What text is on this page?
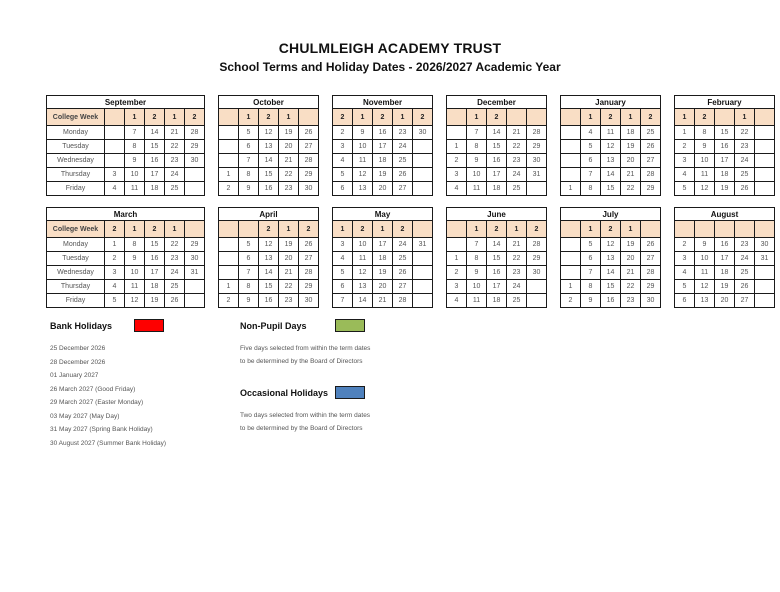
CHULMLEIGH ACADEMY TRUST
School Terms and Holiday Dates - 2026/2027 Academic Year
September					
College Week		1	2	1	2
Monday		7	14	21	28
Tuesday		8	15	22	29
Wednesday		9	16	23	30
Thursday	3	10	17	24	
Friday	4	11	18	25	
October				
	1	2	1	
	5	12	19	26
	6	13	20	27
	7	14	21	28
1	8	15	22	29
2	9	16	23	30
November				
2	1	2	1	2
2	9	16	23	30
3	10	17	24	
4	11	18	25	
5	12	19	26	
6	13	20	27	
December				
	1	2		
	7	14	21	28
1	8	15	22	29
2	9	16	23	30
3	10	17	24	31
4	11	18	25	
January				
	1	2	1	2
	4	11	18	25
	5	12	19	26
	6	13	20	27
	7	14	21	28
1	8	15	22	29
February				
1	2		1	
1	8	15	22	
2	9	16	23	
3	10	17	24	
4	11	18	25	
5	12	19	26	
March					
College Week	2	1	2	1	
Monday	1	8	15	22	29
Tuesday	2	9	16	23	30
Wednesday	3	10	17	24	31
Thursday	4	11	18	25	
Friday	5	12	19	26	
April				
		2	1	2
	5	12	19	26
	6	13	20	27
	7	14	21	28
1	8	15	22	29
2	9	16	23	30
May				
1	2	1	2	
3	10	17	24	31
4	11	18	25	
5	12	19	26	
6	13	20	27	
7	14	21	28	
June				
	1	2	1	2
	7	14	21	28
1	8	15	22	29
2	9	16	23	30
3	10	17	24	
4	11	18	25	
July				
	1	2	1	
	5	12	19	26
	6	13	20	27
	7	14	21	28
1	8	15	22	29
2	9	16	23	30
August				

2	9	16	23	30
3	10	17	24	31
4	11	18	25	
5	12	19	26	
6	13	20	27	
Bank Holidays
25 December 2026
28 December 2026
01 January 2027
26 March 2027 (Good Friday)
29 March 2027 (Easter Monday)
03 May 2027 (May Day)
31 May 2027 (Spring Bank Holiday)
30 August 2027 (Summer Bank Holiday)
Non-Pupil Days
Five days selected from within the term dates
to be determined by the Board of Directors
Occasional Holidays
Two days selected from within the term dates
to be determined by the Board of Directors
